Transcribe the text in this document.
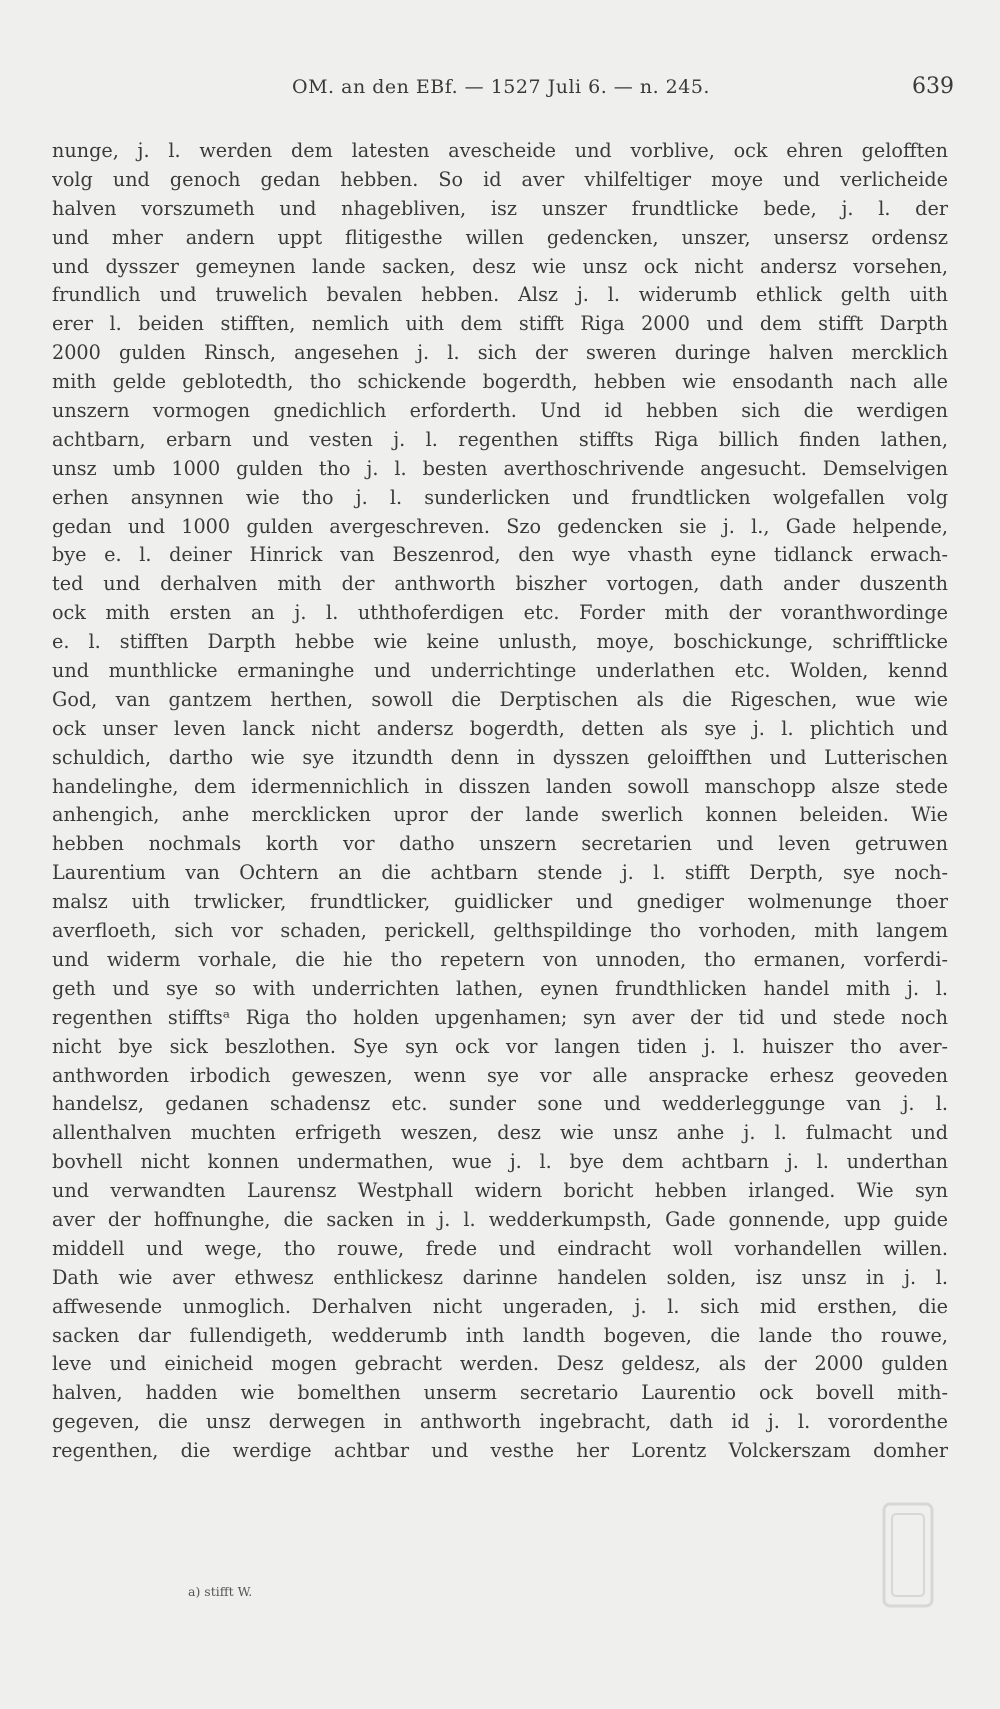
OM. an den EBf. — 1527 Juli 6. — n. 245.	639
nunge, j. l. werden dem latesten avescheide und vorblive, ock ehren gelofften
volg und genoch gedan hebben. So id aver vhilfeltiger moye und verlicheide
halven vorszumeth und nhagebliven, isz unszer frundtlicke bede, j. l. der
und mher andern uppt flitigesthe willen gedencken, unszer, unsersz ordensz
und dysszer gemeynen lande sacken, desz wie unsz ock nicht andersz vorsehen,
frundlich und truwelich bevalen hebben. Alsz j. l. widerumb ethlick gelth uith
erer l. beiden stifften, nemlich uith dem stifft Riga 2000 und dem stifft Darpth
2000 gulden Rinsch, angesehen j. l. sich der sweren duringe halven mercklich
mith gelde geblotedth, tho schickende bogerdth, hebben wie ensodanth nach alle
unszern vormogen gnedichlich erforderth. Und id hebben sich die werdigen
achtbarn, erbarn und vesten j. l. regenthen stiffts Riga billich finden lathen,
unsz umb 1000 gulden tho j. l. besten averthoschrivende angesucht. Demselvigen
erhen ansynnen wie tho j. l. sunderlicken und frundtlicken wolgefallen volg
gedan und 1000 gulden avergeschreven. Szo gedencken sie j. l., Gade helpende,
bye e. l. deiner Hinrick van Beszenrod, den wye vhasth eyne tidlanck erwach-
ted und derhalven mith der anthworth biszher vortogen, dath ander duszenth
ock mith ersten an j. l. uththoferdigen etc. Forder mith der voranthwordinge
e. l. stifften Darpth hebbe wie keine unlusth, moye, boschickunge, schrifftlicke
und munthlicke ermaninghe und underrichtinge underlathen etc. Wolden, kennd
God, van gantzem herthen, sowoll die Derptischen als die Rigeschen, wue wie
ock unser leven lanck nicht andersz bogerdth, detten als sye j. l. plichtich und
schuldich, dartho wie sye itzundth denn in dysszen geloiffthen und Lutterischen
handelinghe, dem idermennichlich in disszen landen sowoll manschopp alsze stede
anhengich, anhe mercklicken upror der lande swerlich konnen beleiden. Wie
hebben nochmals korth vor datho unszern secretarien und leven getruwen
Laurentium van Ochtern an die achtbarn stende j. l. stifft Derpth, sye noch-
malsz uith trwlicker, frundtlicker, guidlicker und gnediger wolmenunge thoer
averfloeth, sich vor schaden, perickell, gelthspildinge tho vorhoden, mith langem
und widerm vorhale, die hie tho repetern von unnoden, tho ermanen, vorferdi-
geth und sye so with underrichten lathen, eynen frundthlicken handel mith j. l.
regenthen stifftsᵃ Riga tho holden upgenhamen; syn aver der tid und stede noch
nicht bye sick beszlothen. Sye syn ock vor langen tiden j. l. huiszer tho aver-
anthworden irbodich geweszen, wenn sye vor alle anspracke erhesz geoveden
handelsz, gedanen schadensz etc. sunder sone und wedderleggunge van j. l.
allenthalven muchten erfrigeth weszen, desz wie unsz anhe j. l. fulmacht und
bovhell nicht konnen undermathen, wue j. l. bye dem achtbarn j. l. underthan
und verwandten Laurensz Westphall widern boricht hebben irlanged. Wie syn
aver der hoffnunghe, die sacken in j. l. wedderkumpsth, Gade gonnende, upp guide
middell und wege, tho rouwe, frede und eindracht woll vorhandellen willen.
Dath wie aver ethwesz enthlickesz darinne handelen solden, isz unsz in j. l.
affwesende unmoglich. Derhalven nicht ungeraden, j. l. sich mid ersthen, die
sacken dar fullendigeth, wedderumb inth landth bogeven, die lande tho rouwe,
leve und einicheid mogen gebracht werden. Desz geldesz, als der 2000 gulden
halven, hadden wie bomelthen unserm secretario Laurentio ock bovell mith-
gegeven, die unsz derwegen in anthworth ingebracht, dath id j. l. vorordenthe
regenthen, die werdige achtbar und vesthe her Lorentz Volckerszam domher
a) stifft W.
